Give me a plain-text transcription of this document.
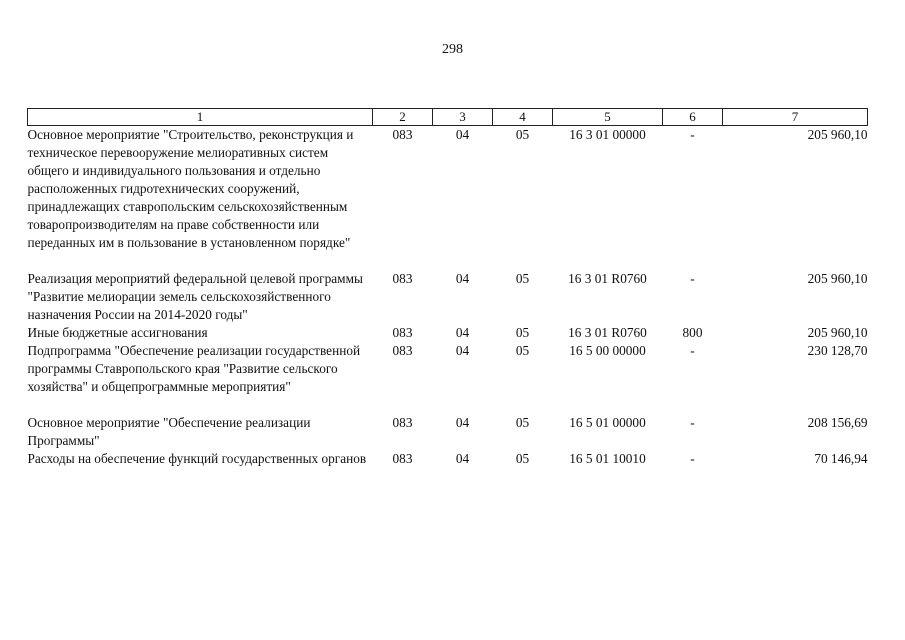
298
1	2	3	4	5	6	7
Основное мероприятие "Строительство, реконструкция и техническое перевооружение мелиоративных систем общего и индивидуального пользования и отдельно расположенных гидротехнических сооружений, принадлежащих ставропольским сельскохозяйственным товаропроизводителям на праве собственности или переданных им в пользование в установленном порядке"	083	04	05	16 3 01 00000	-	205 960,10
Реализация мероприятий федеральной целевой программы "Развитие мелиорации земель сельскохозяйственного назначения России на 2014-2020 годы"	083	04	05	16 3 01 R0760	-	205 960,10
Иные бюджетные ассигнования	083	04	05	16 3 01 R0760	800	205 960,10
Подпрограмма "Обеспечение реализации государственной программы Ставропольского края "Развитие сельского хозяйства" и общепрограммные мероприятия"	083	04	05	16 5 00 00000	-	230 128,70
Основное мероприятие "Обеспечение реализации Программы"	083	04	05	16 5 01 00000	-	208 156,69
Расходы на обеспечение функций государственных органов	083	04	05	16 5 01 10010	-	70 146,94
